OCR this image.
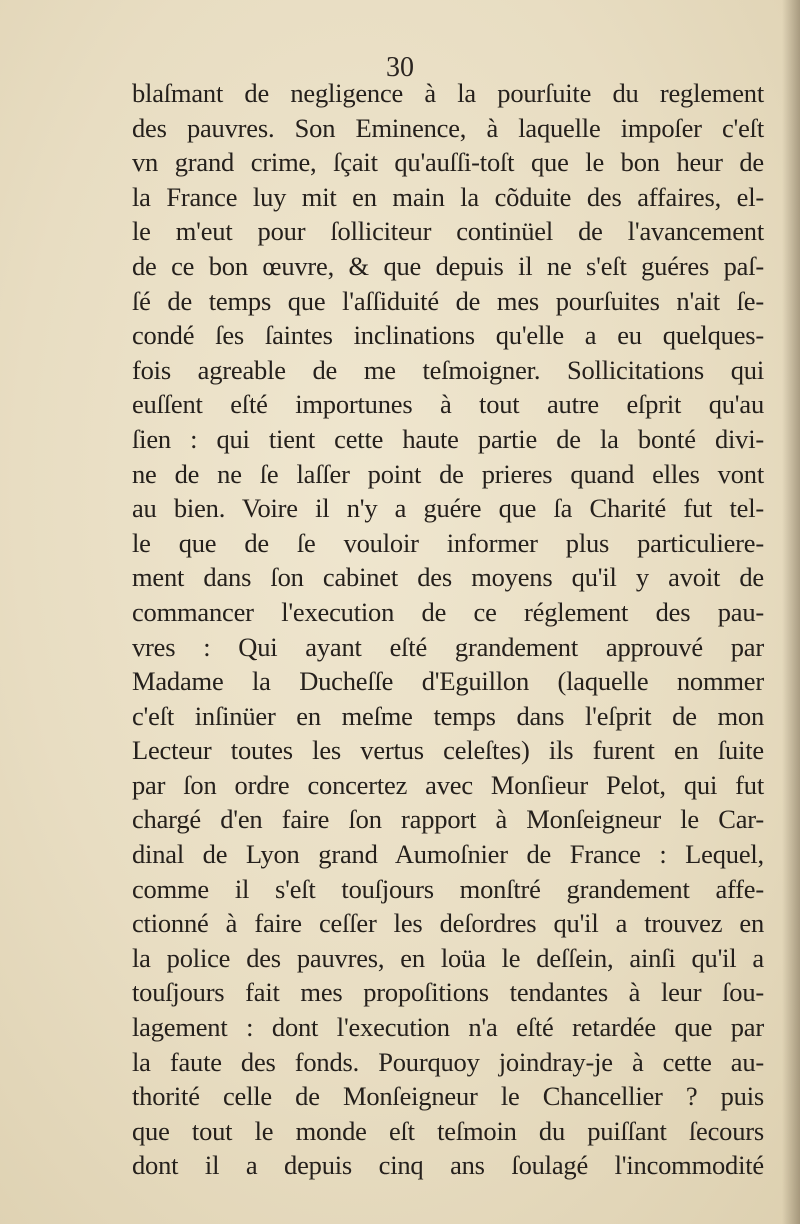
30
blaſmant de negligence à la pourſuite du reglement
des pauvres. Son Eminence, à laquelle impoſer c'eſt
vn grand crime, ſçait qu'auſſi-toſt que le bon heur de
la France luy mit en main la cõduite des affaires, el-
le m'eut pour ſolliciteur continüel de l'avancement
de ce bon œuvre, & que depuis il ne s'eſt guéres paſ-
ſé de temps que l'aſſiduité de mes pourſuites n'ait ſe-
condé ſes ſaintes inclinations qu'elle a eu quelques-
fois agreable de me teſmoigner. Sollicitations qui
euſſent eſté importunes à tout autre eſprit qu'au
ſien : qui tient cette haute partie de la bonté divi-
ne de ne ſe laſſer point de prieres quand elles vont
au bien. Voire il n'y a guére que ſa Charité fut tel-
le que de ſe vouloir informer plus particuliere-
ment dans ſon cabinet des moyens qu'il y avoit de
commancer l'execution de ce réglement des pau-
vres : Qui ayant eſté grandement approuvé par
Madame la Ducheſſe d'Eguillon (laquelle nommer
c'eſt inſinüer en meſme temps dans l'eſprit de mon
Lecteur toutes les vertus celeſtes) ils furent en ſuite
par ſon ordre concertez avec Monſieur Pelot, qui fut
chargé d'en faire ſon rapport à Monſeigneur le Car-
dinal de Lyon grand Aumoſnier de France : Lequel,
comme il s'eſt touſjours monſtré grandement affe-
ctionné à faire ceſſer les deſordres qu'il a trouvez en
la police des pauvres, en loüa le deſſein, ainſi qu'il a
touſjours fait mes propoſitions tendantes à leur ſou-
lagement : dont l'execution n'a eſté retardée que par
la faute des fonds. Pourquoy joindray-je à cette au-
thorité celle de Monſeigneur le Chancellier ? puis
que tout le monde eſt teſmoin du puiſſant ſecours
dont il a depuis cinq ans ſoulagé l'incommodité
